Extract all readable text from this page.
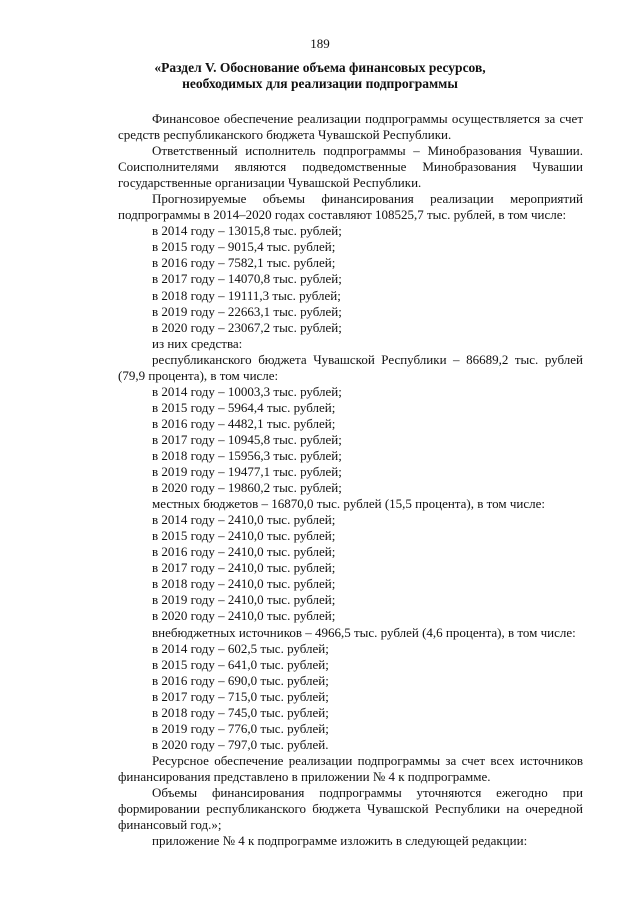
189
«Раздел V. Обоснование объема финансовых ресурсов,
необходимых для реализации подпрограммы

Финансовое обеспечение реализации подпрограммы осуществляется за счет средств республиканского бюджета Чувашской Республики.

Ответственный исполнитель подпрограммы – Минобразования Чувашии. Соисполнителями являются подведомственные Минобразования Чувашии государственные организации Чувашской Республики.

Прогнозируемые объемы финансирования реализации мероприятий подпрограммы в 2014–2020 годах составляют 108525,7 тыс. рублей, в том числе:

в 2014 году – 13015,8 тыс. рублей;
в 2015 году – 9015,4 тыс. рублей;
в 2016 году – 7582,1 тыс. рублей;
в 2017 году – 14070,8 тыс. рублей;
в 2018 году – 19111,3 тыс. рублей;
в 2019 году – 22663,1 тыс. рублей;
в 2020 году – 23067,2 тыс. рублей;
из них средства:

республиканского бюджета Чувашской Республики – 86689,2 тыс. рублей (79,9 процента), в том числе:

в 2014 году – 10003,3 тыс. рублей;
в 2015 году – 5964,4 тыс. рублей;
в 2016 году – 4482,1 тыс. рублей;
в 2017 году – 10945,8 тыс. рублей;
в 2018 году – 15956,3 тыс. рублей;
в 2019 году – 19477,1 тыс. рублей;
в 2020 году – 19860,2 тыс. рублей;
местных бюджетов – 16870,0 тыс. рублей (15,5 процента), в том числе:
в 2014 году – 2410,0 тыс. рублей;
в 2015 году – 2410,0 тыс. рублей;
в 2016 году – 2410,0 тыс. рублей;
в 2017 году – 2410,0 тыс. рублей;
в 2018 году – 2410,0 тыс. рублей;
в 2019 году – 2410,0 тыс. рублей;
в 2020 году – 2410,0 тыс. рублей;
внебюджетных источников – 4966,5 тыс. рублей (4,6 процента), в том числе:
в 2014 году – 602,5 тыс. рублей;
в 2015 году – 641,0 тыс. рублей;
в 2016 году – 690,0 тыс. рублей;
в 2017 году – 715,0 тыс. рублей;
в 2018 году – 745,0 тыс. рублей;
в 2019 году – 776,0 тыс. рублей;
в 2020 году – 797,0 тыс. рублей.

Ресурсное обеспечение реализации подпрограммы за счет всех источников финансирования представлено в приложении № 4 к подпрограмме.

Объемы финансирования подпрограммы уточняются ежегодно при формировании республиканского бюджета Чувашской Республики на очередной финансовый год.»;

приложение № 4 к подпрограмме изложить в следующей редакции:
